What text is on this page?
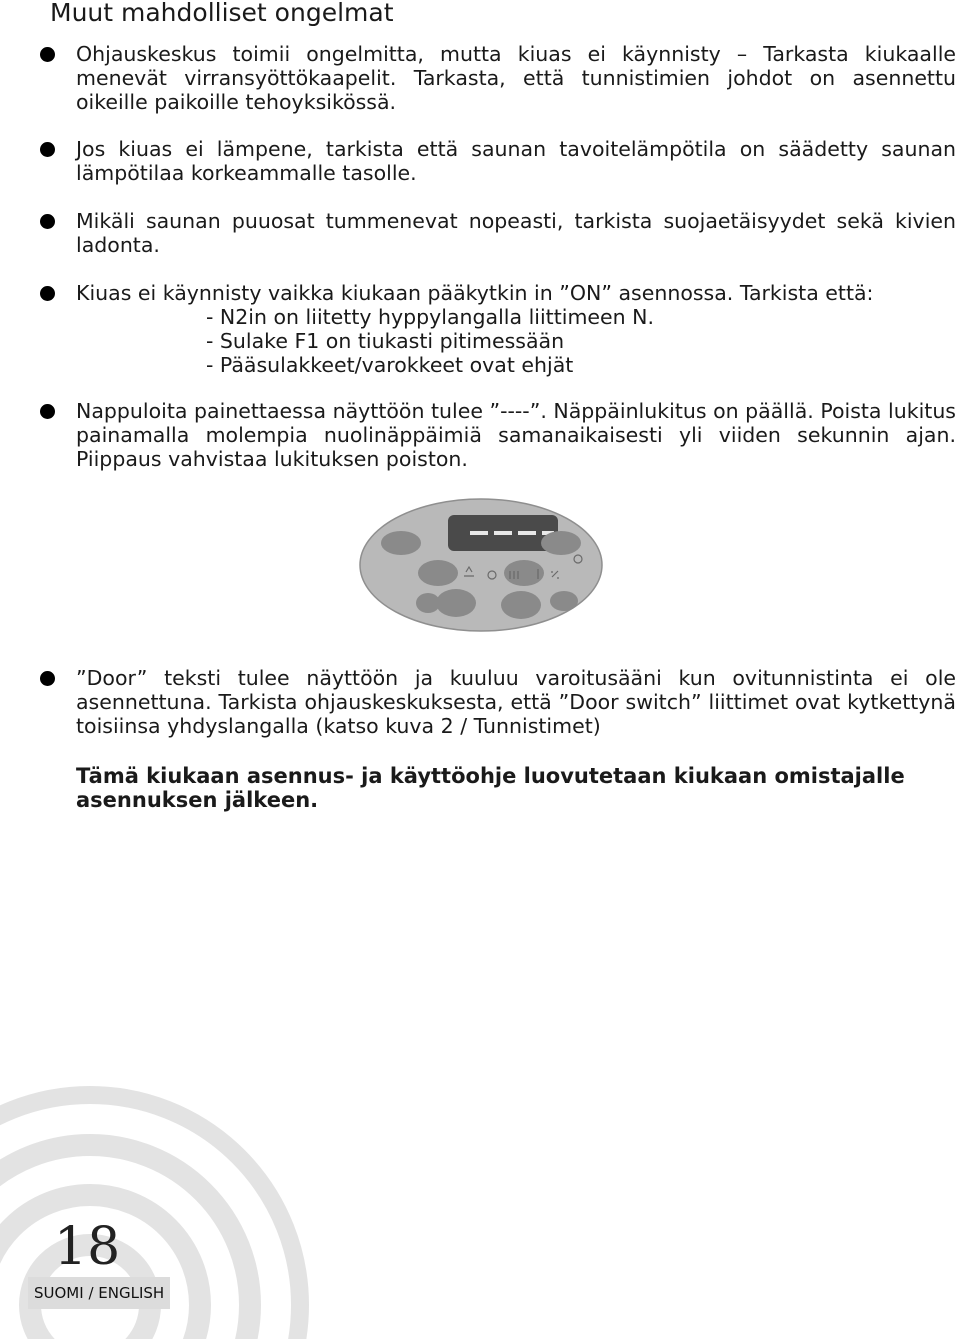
Muut mahdolliset ongelmat
Ohjauskeskus toimii ongelmitta, mutta kiuas ei käynnisty – Tarkasta kiukaalle menevät virransyöttökaapelit. Tarkasta, että tunnistimien johdot on asennettu oikeille paikoille tehoyksikössä.
Jos kiuas ei lämpene, tarkista että saunan tavoitelämpötila on säädetty saunan lämpötilaa korkeammalle tasolle.
Mikäli saunan puuosat tummenevat nopeasti, tarkista suojaetäisyydet sekä kivien ladonta.
Kiuas ei käynnisty vaikka kiukaan pääkytkin in ”ON” asennossa. Tarkista että:
- N2in on liitetty hyppylangalla liittimeen N.
- Sulake F1 on tiukasti pitimessään
- Pääsulakkeet/varokkeet ovat ehjät
Nappuloita painettaessa näyttöön tulee ”----”. Näppäinlukitus on päällä. Poista lukitus painamalla molempia nuolinäppäimiä samanaikaisesti yli viiden sekunnin ajan. Piippaus vahvistaa lukituksen poiston.
”Door” teksti tulee näyttöön ja kuuluu varoitusääni kun ovitunnistinta ei ole asennettuna. Tarkista ohjauskeskuksesta, että ”Door switch” liittimet ovat kytkettynä toisiinsa yhdyslangalla (katso kuva 2 / Tunnistimet)
Tämä kiukaan asennus- ja käyttöohje luovutetaan kiukaan omistajalle asennuksen jälkeen.
18
SUOMI / ENGLISH
